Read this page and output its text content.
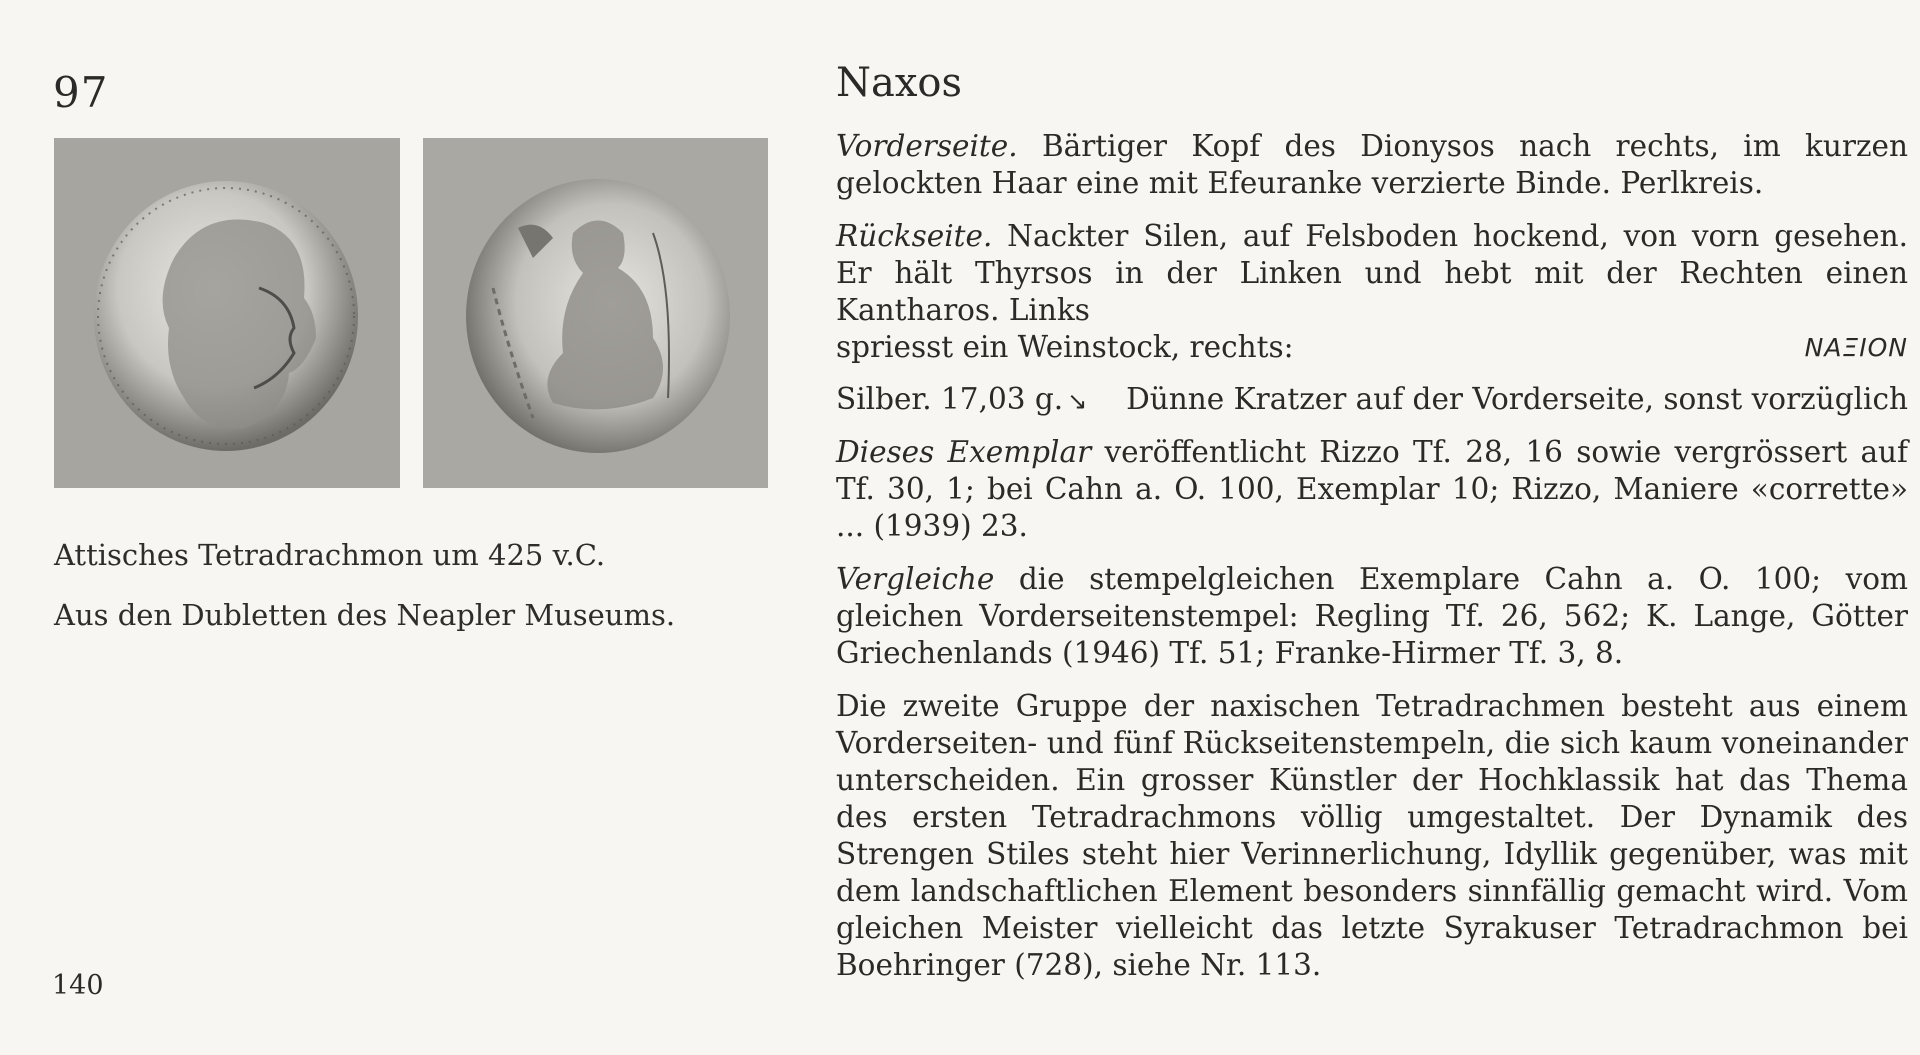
97
Attisches Tetradrachmon um 425 v.C.
Aus den Dubletten des Neapler Museums.
140
Naxos

Vorderseite. Bärtiger Kopf des Dionysos nach rechts, im kurzen gelockten Haar eine mit Efeuranke verzierte Binde. Perlkreis.

Rückseite. Nackter Silen, auf Felsboden hockend, von vorn gesehen. Er hält Thyrsos in der Linken und hebt mit der Rechten einen Kantharos. Links
spriesst ein Weinstock, rechts:	ΝΑΞΙΟΝ

Silber. 17,03 g. ↘ Dünne Kratzer auf der Vorderseite, sonst vorzüglich

Dieses Exemplar veröffentlicht Rizzo Tf. 28, 16 sowie vergrössert auf Tf. 30, 1; bei Cahn a. O. 100, Exemplar 10; Rizzo, Maniere «corrette» ... (1939) 23.

Vergleiche die stempelgleichen Exemplare Cahn a. O. 100; vom gleichen Vorderseitenstempel: Regling Tf. 26, 562; K. Lange, Götter Griechenlands (1946) Tf. 51; Franke-Hirmer Tf. 3, 8.

Die zweite Gruppe der naxischen Tetradrachmen besteht aus einem Vorderseiten- und fünf Rückseitenstempeln, die sich kaum voneinander unterscheiden. Ein grosser Künstler der Hochklassik hat das Thema des ersten Tetradrachmons völlig umgestaltet. Der Dynamik des Strengen Stiles steht hier Verinnerlichung, Idyllik gegenüber, was mit dem landschaftlichen Element besonders sinnfällig gemacht wird. Vom gleichen Meister vielleicht das letzte Syrakuser Tetradrachmon bei Boehringer (728), siehe Nr. 113.
